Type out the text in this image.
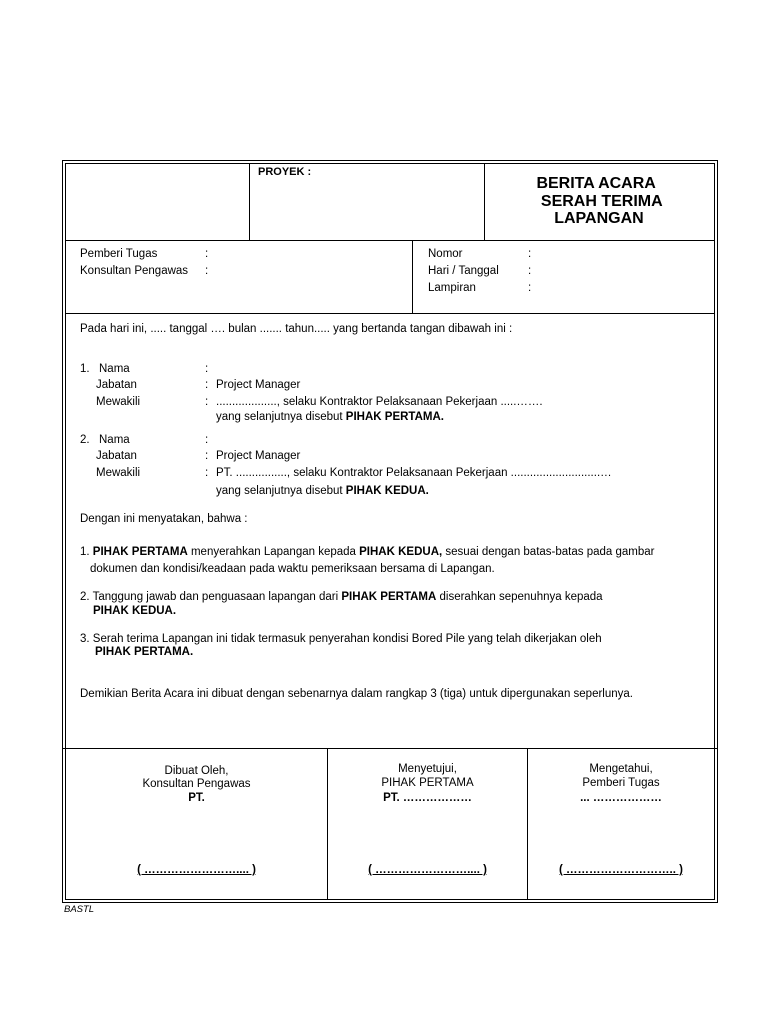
PROYEK :
BERITA ACARA
SERAH TERIMA
LAPANGAN
Pemberi Tugas	:
Konsultan Pengawas :
Nomor	:
Hari / Tanggal	:
Lampiran	:
Pada hari ini, ..... tanggal …. bulan ....... tahun..... yang bertanda tangan dibawah ini :
1. Nama	:
Jabatan	: Project Manager
Mewakili	: ..................., selaku Kontraktor Pelaksanaan Pekerjaan .....…….
yang selanjutnya disebut PIHAK PERTAMA.
2. Nama	:
Jabatan	: Project Manager
Mewakili	: PT. ................, selaku Kontraktor Pelaksanaan Pekerjaan ............................…
yang selanjutnya disebut PIHAK KEDUA.
Dengan ini menyatakan, bahwa :
1. PIHAK PERTAMA menyerahkan Lapangan kepada PIHAK KEDUA, sesuai dengan batas-batas pada gambar
dokumen dan kondisi/keadaan pada waktu pemeriksaan bersama di Lapangan.
2. Tanggung jawab dan penguasaan lapangan dari PIHAK PERTAMA diserahkan sepenuhnya kepada
PIHAK KEDUA.
3. Serah terima Lapangan ini tidak termasuk penyerahan kondisi Bored Pile yang telah dikerjakan oleh
PIHAK PERTAMA.
Demikian Berita Acara ini dibuat dengan sebenarnya dalam rangkap 3 (tiga) untuk dipergunakan seperlunya.
Dibuat Oleh,
Konsultan Pengawas
PT.
( …………………….... )
Menyetujui,
PIHAK PERTAMA
PT. ………………
( …………………….... )
Mengetahui,
Pemberi Tugas
... ………………
( ……………………….. )
BASTL
